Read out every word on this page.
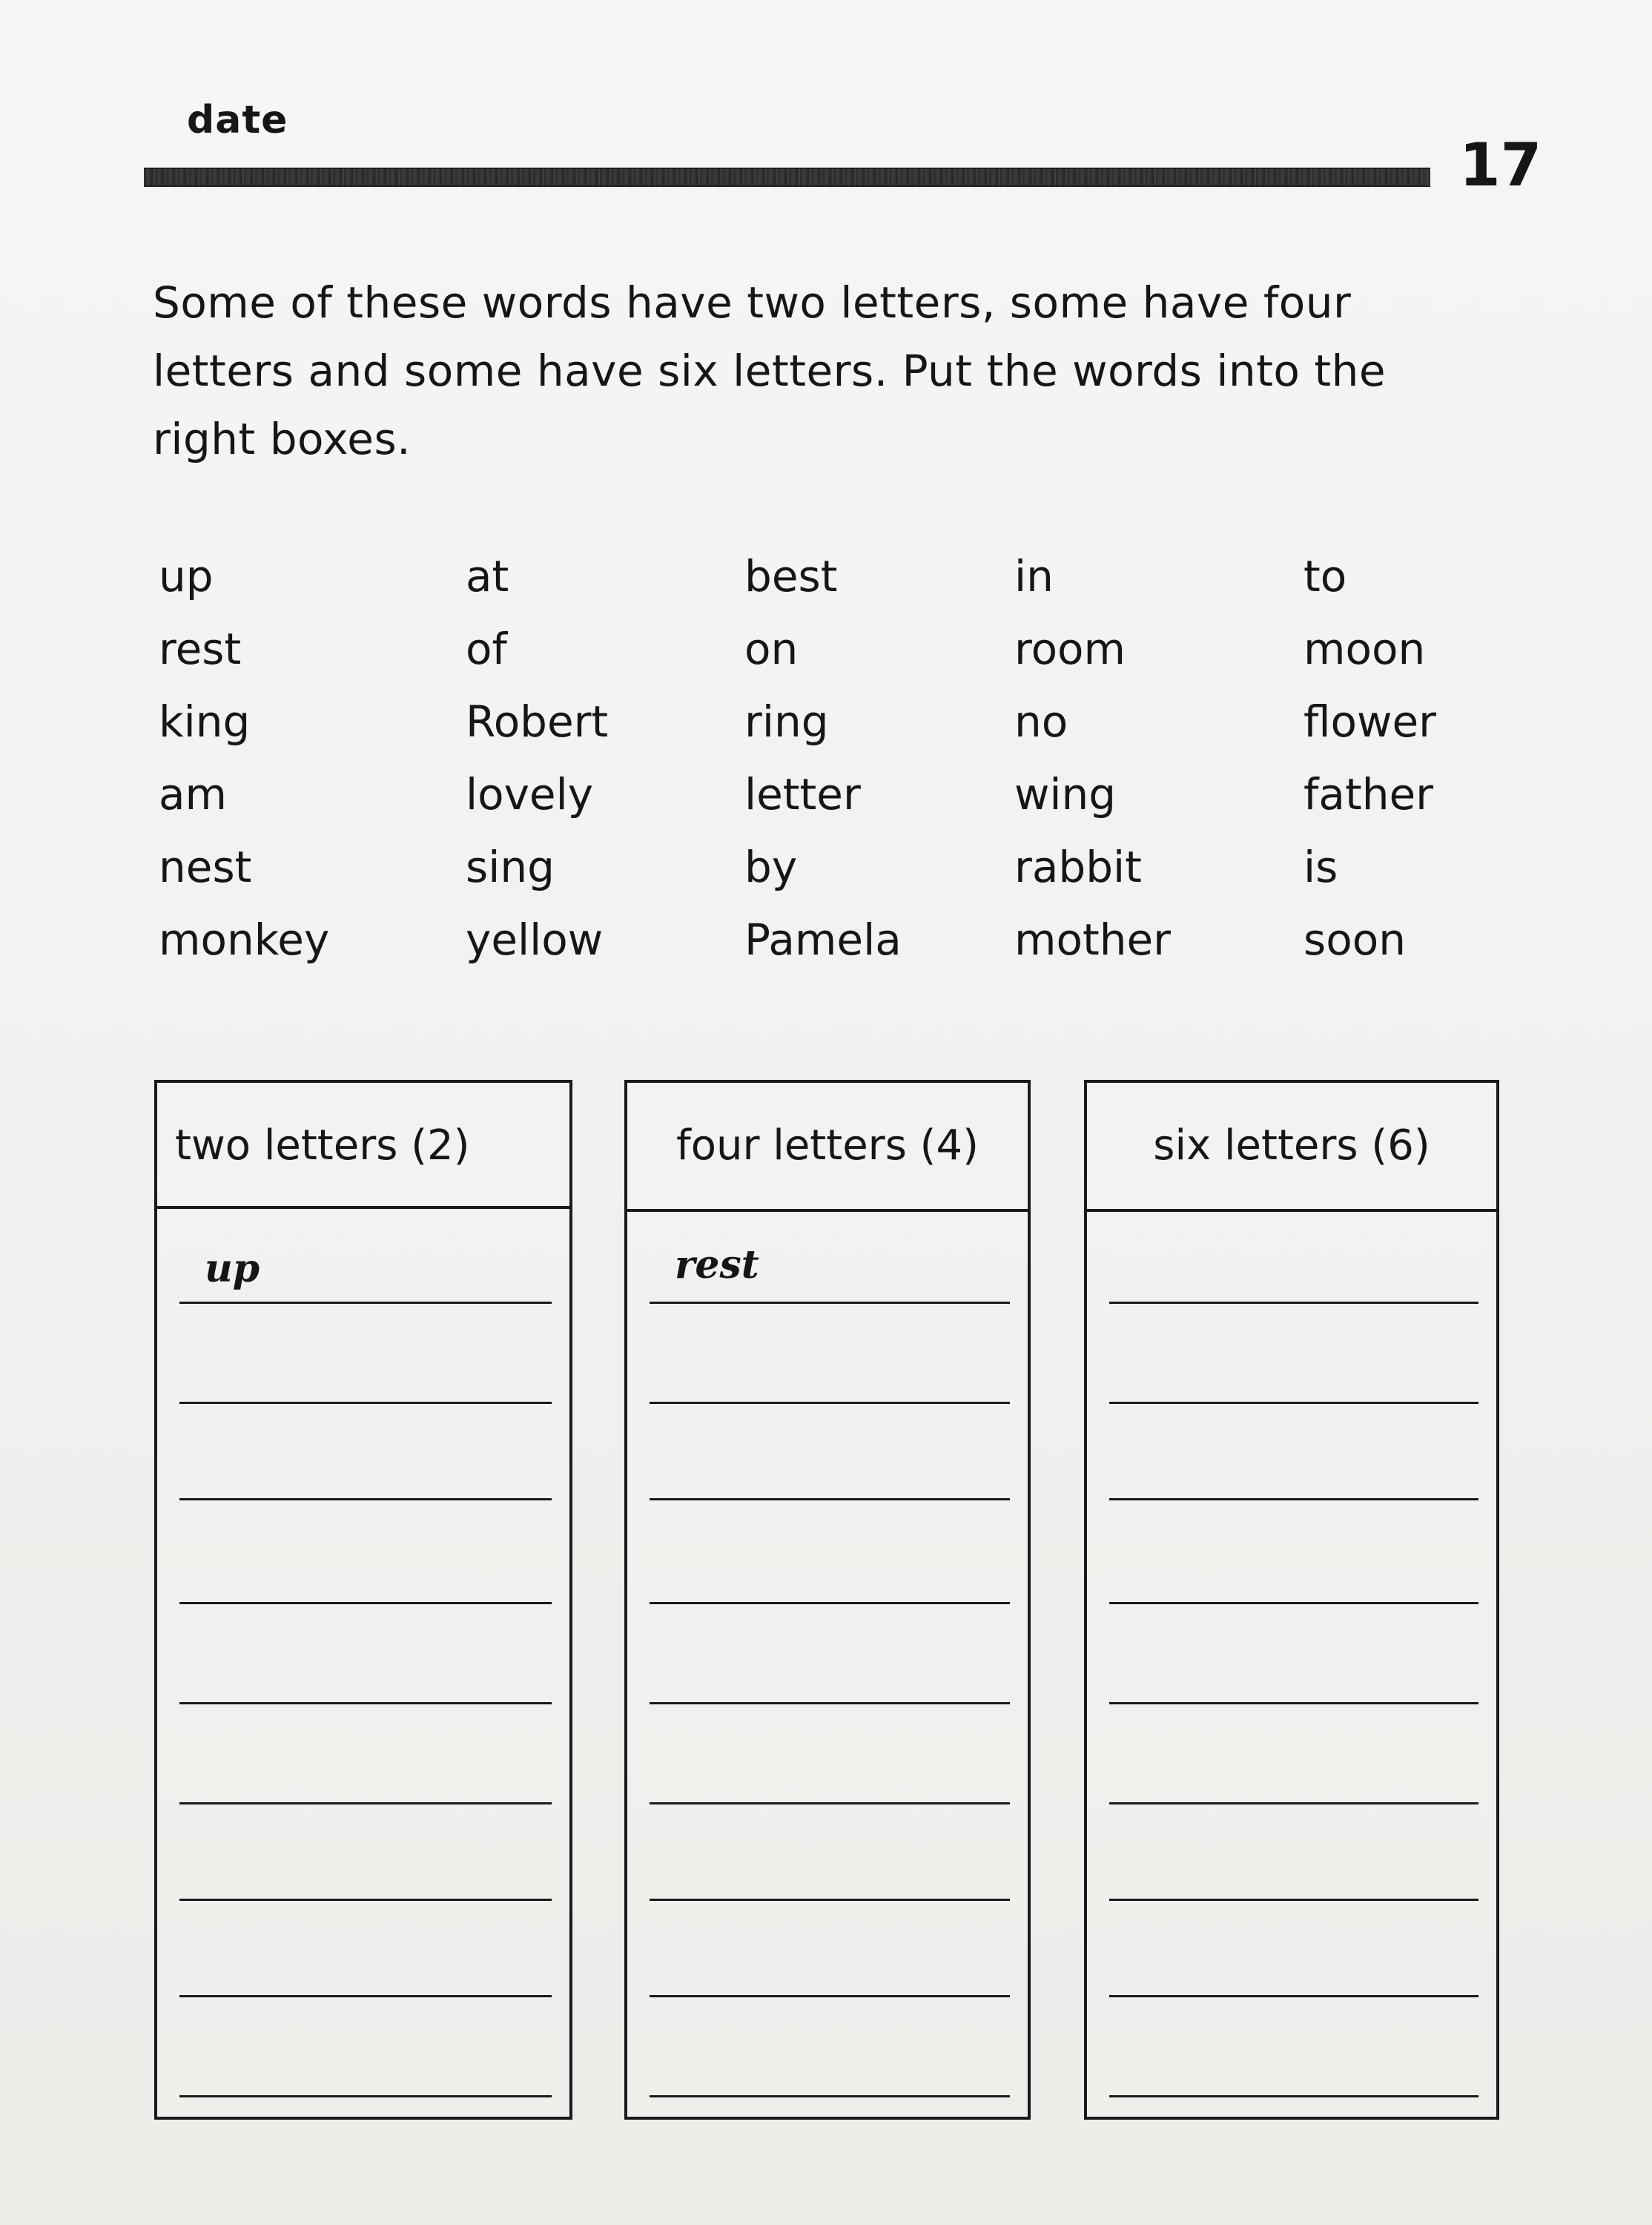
date
17
Some of these words have two letters, some have four letters and some have six letters. Put the words into the right boxes.
up	at	best	in	to
rest	of	on	room	moon
king	Robert	ring	no	flower
am	lovely	letter	wing	father
nest	sing	by	rabbit	is
monkey	yellow	Pamela	mother	soon
two letters (2)
up
four letters (4)
rest
six letters (6)
